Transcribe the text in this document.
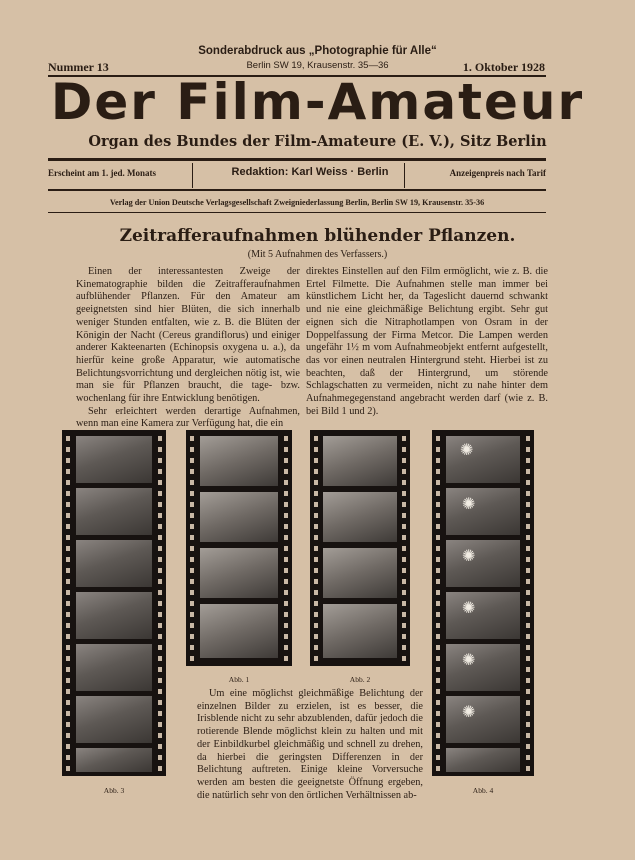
Sonderabdruck aus „Photographie für Alle“
Berlin SW 19, Krausenstr. 35—36
Nummer 13	1. Oktober 1928
Der Film-Amateur
Organ des Bundes der Film-Amateure (E. V.), Sitz Berlin
Erscheint am 1. jed. Monats	Redaktion: Karl Weiss · Berlin	Anzeigenpreis nach Tarif
Verlag der Union Deutsche Verlagsgesellschaft Zweigniederlassung Berlin, Berlin SW 19, Krausenstr. 35-36
Zeitrafferaufnahmen blühender Pflanzen.
(Mit 5 Aufnahmen des Verfassers.)

Einen der interessantesten Zweige der Kinematographie bilden die Zeitrafferaufnahmen aufblühender Pflanzen. Für den Amateur am geeignetsten sind hier Blüten, die sich innerhalb weniger Stunden entfalten, wie z. B. die Blüten der Königin der Nacht (Cereus grandiflorus) und einiger anderer Kakteenarten (Echinopsis oxygena u. a.), da hierfür keine große Apparatur, wie automatische Belichtungsvorrichtung und dergleichen nötig ist, wie man sie für Pflanzen braucht, die tage- bzw. wochenlang für ihre Entwicklung benötigen.

Sehr erleichtert werden derartige Aufnahmen, wenn man eine Kamera zur Verfügung hat, die ein

direktes Einstellen auf den Film ermöglicht, wie z. B. die Ertel Filmette. Die Aufnahmen stelle man immer bei künstlichem Licht her, da Tageslicht dauernd schwankt und nie eine gleichmäßige Belichtung ergibt. Sehr gut eignen sich die Nitraphotlampen von Osram in der Doppelfassung der Firma Metcor. Die Lampen werden ungefähr 1½ m vom Aufnahmeobjekt entfernt aufgestellt, das vor einen neutralen Hintergrund steht. Hierbei ist zu beachten, daß der Hintergrund, um störende Schlagschatten zu vermeiden, nicht zu nahe hinter dem Aufnahmegegenstand angebracht werden darf (wie z. B. bei Bild 1 und 2).

Abb. 3
Abb. 1	Abb. 2
✺
✺
✺
✺
✺
✺
Abb. 4

Um eine möglichst gleichmäßige Belichtung der einzelnen Bilder zu erzielen, ist es besser, die Irisblende nicht zu sehr abzublenden, dafür jedoch die rotierende Blende möglichst klein zu halten und mit der Einbildkurbel gleichmäßig und schnell zu drehen, da hierbei die geringsten Differenzen in der Belichtung auftreten. Einige kleine Vorversuche werden am besten die geeignetste Öffnung ergeben, die natürlich sehr von den örtlichen Verhältnissen ab-
